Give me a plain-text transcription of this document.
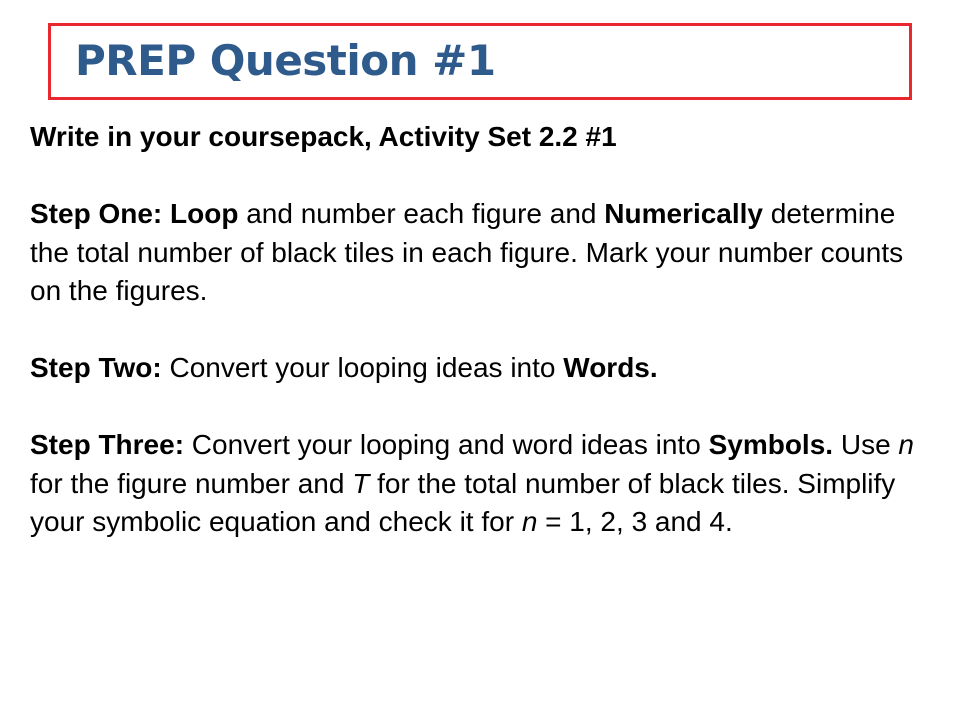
PREP Question #1

Write in your coursepack, Activity Set 2.2 #1

Step One: Loop and number each figure and Numerically determine the total number of black tiles in each figure. Mark your number counts on the figures.

Step Two: Convert your looping ideas into Words.

Step Three: Convert your looping and word ideas into Symbols. Use n for the figure number and T for the total number of black tiles. Simplify your symbolic equation and check it for n = 1, 2, 3 and 4.
